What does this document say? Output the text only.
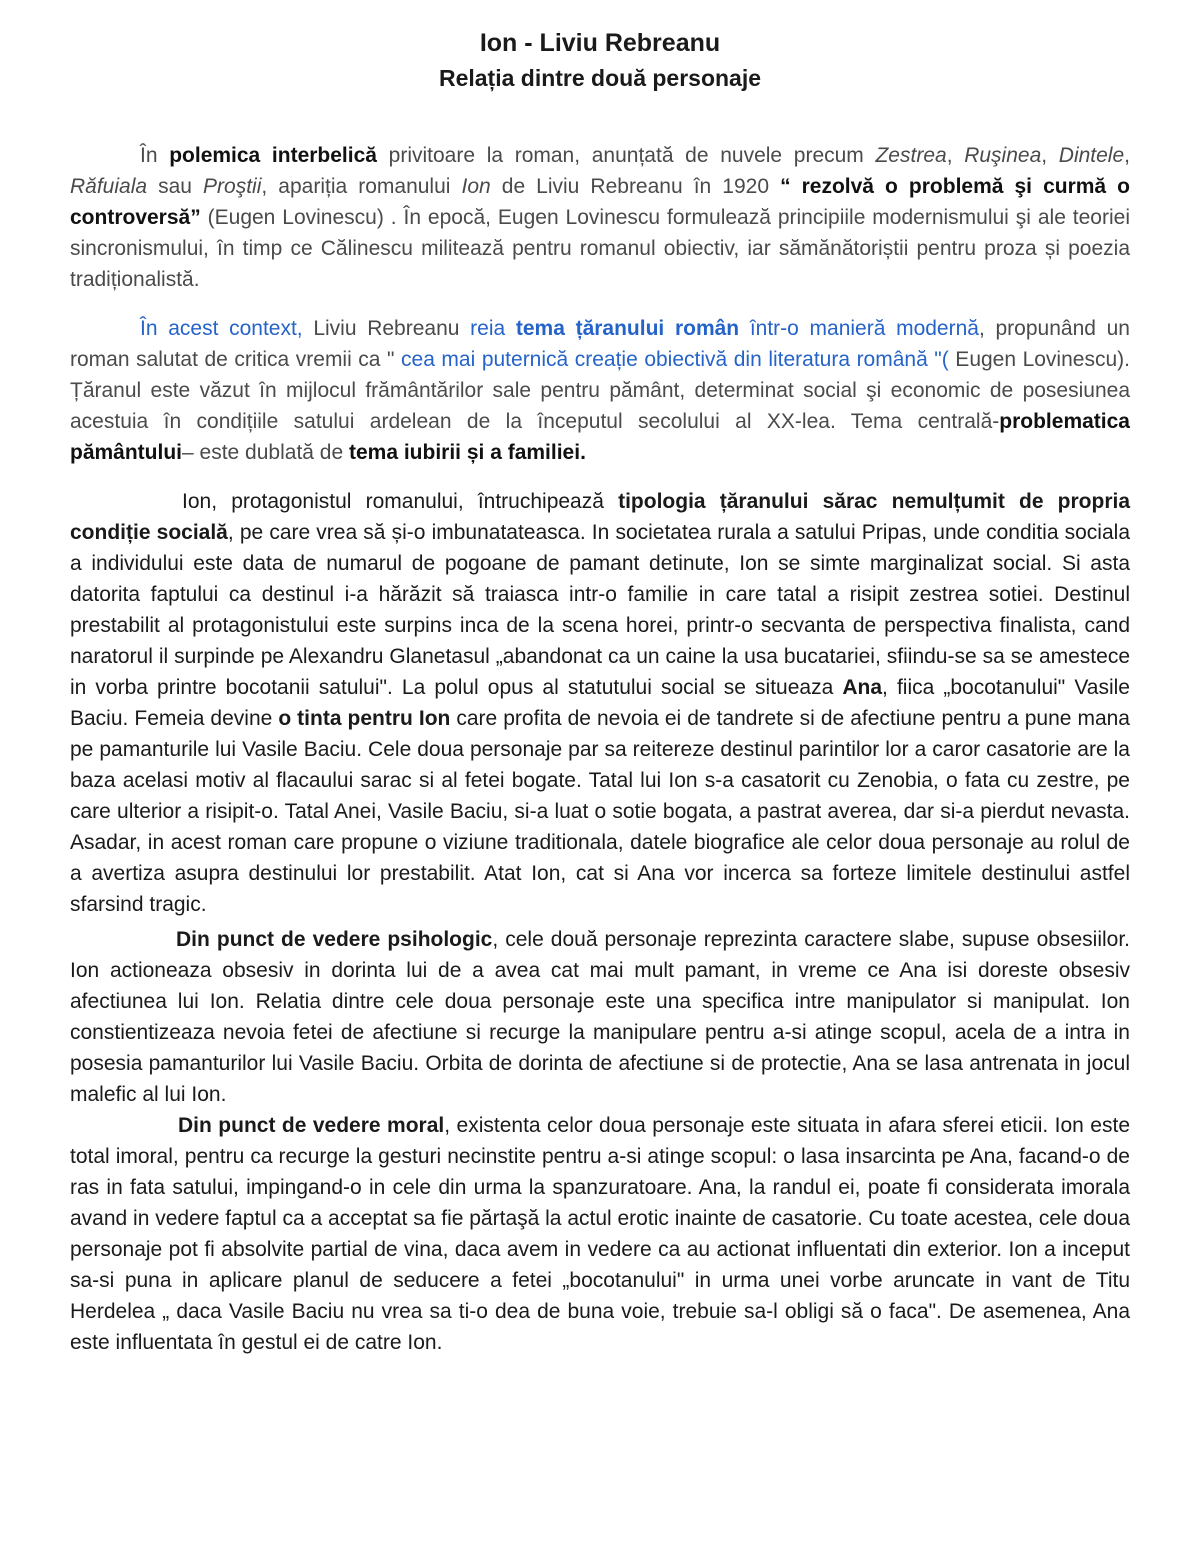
Ion - Liviu Rebreanu
Relația dintre două personaje

În polemica interbelică privitoare la roman, anunțată de nuvele precum Zestrea, Ruşinea, Dintele, Răfuiala sau Proştii, apariția romanului Ion de Liviu Rebreanu în 1920 “ rezolvă o problemă şi curmă o controversă” (Eugen Lovinescu) . În epocă, Eugen Lovinescu formulează principiile modernismului şi ale teoriei sincronismului, în timp ce Călinescu militează pentru romanul obiectiv, iar sămănătoriștii pentru proza și poezia tradiționalistă.

În acest context, Liviu Rebreanu reia tema țăranului român într-o manieră modernă, propunând un roman salutat de critica vremii ca " cea mai puternică creație obiectivă din literatura română "( Eugen Lovinescu). Țăranul este văzut în mijlocul frământărilor sale pentru pământ, determinat social şi economic de posesiunea acestuia în condițiile satului ardelean de la începutul secolului al XX-lea. Tema centrală-problematica pământului– este dublată de tema iubirii și a familiei.

Ion, protagonistul romanului, întruchipează tipologia țăranului sărac nemulțumit de propria condiție socială, pe care vrea să și-o imbunatateasca. In societatea rurala a satului Pripas, unde conditia sociala a individului este data de numarul de pogoane de pamant detinute, Ion se simte marginalizat social. Si asta datorita faptului ca destinul i-a hărăzit să traiasca intr-o familie in care tatal a risipit zestrea sotiei. Destinul prestabilit al protagonistului este surpins inca de la scena horei, printr-o secvanta de perspectiva finalista, cand naratorul il surpinde pe Alexandru Glanetasul „abandonat ca un caine la usa bucatariei, sfiindu-se sa se amestece in vorba printre bocotanii satului". La polul opus al statutului social se situeaza Ana, fiica „bocotanului" Vasile Baciu. Femeia devine o tinta pentru Ion care profita de nevoia ei de tandrete si de afectiune pentru a pune mana pe pamanturile lui Vasile Baciu. Cele doua personaje par sa reitereze destinul parintilor lor a caror casatorie are la baza acelasi motiv al flacaului sarac si al fetei bogate. Tatal lui Ion s-a casatorit cu Zenobia, o fata cu zestre, pe care ulterior a risipit-o. Tatal Anei, Vasile Baciu, si-a luat o sotie bogata, a pastrat averea, dar si-a pierdut nevasta. Asadar, in acest roman care propune o viziune traditionala, datele biografice ale celor doua personaje au rolul de a avertiza asupra destinului lor prestabilit. Atat Ion, cat si Ana vor incerca sa forteze limitele destinului astfel sfarsind tragic.

Din punct de vedere psihologic, cele două personaje reprezinta caractere slabe, supuse obsesiilor. Ion actioneaza obsesiv in dorinta lui de a avea cat mai mult pamant, in vreme ce Ana isi doreste obsesiv afectiunea lui Ion. Relatia dintre cele doua personaje este una specifica intre manipulator si manipulat. Ion constientizeaza nevoia fetei de afectiune si recurge la manipulare pentru a-si atinge scopul, acela de a intra in posesia pamanturilor lui Vasile Baciu. Orbita de dorinta de afectiune si de protectie, Ana se lasa antrenata in jocul malefic al lui Ion.

Din punct de vedere moral, existenta celor doua personaje este situata in afara sferei eticii. Ion este total imoral, pentru ca recurge la gesturi necinstite pentru a-si atinge scopul: o lasa insarcinta pe Ana, facand-o de ras in fata satului, impingand-o in cele din urma la spanzuratoare. Ana, la randul ei, poate fi considerata imorala avand in vedere faptul ca a acceptat sa fie părtaşă la actul erotic inainte de casatorie. Cu toate acestea, cele doua personaje pot fi absolvite partial de vina, daca avem in vedere ca au actionat influentati din exterior. Ion a inceput sa-si puna in aplicare planul de seducere a fetei „bocotanului" in urma unei vorbe aruncate in vant de Titu Herdelea „ daca Vasile Baciu nu vrea sa ti-o dea de buna voie, trebuie sa-l obligi să o faca". De asemenea, Ana este influentata în gestul ei de catre Ion.
